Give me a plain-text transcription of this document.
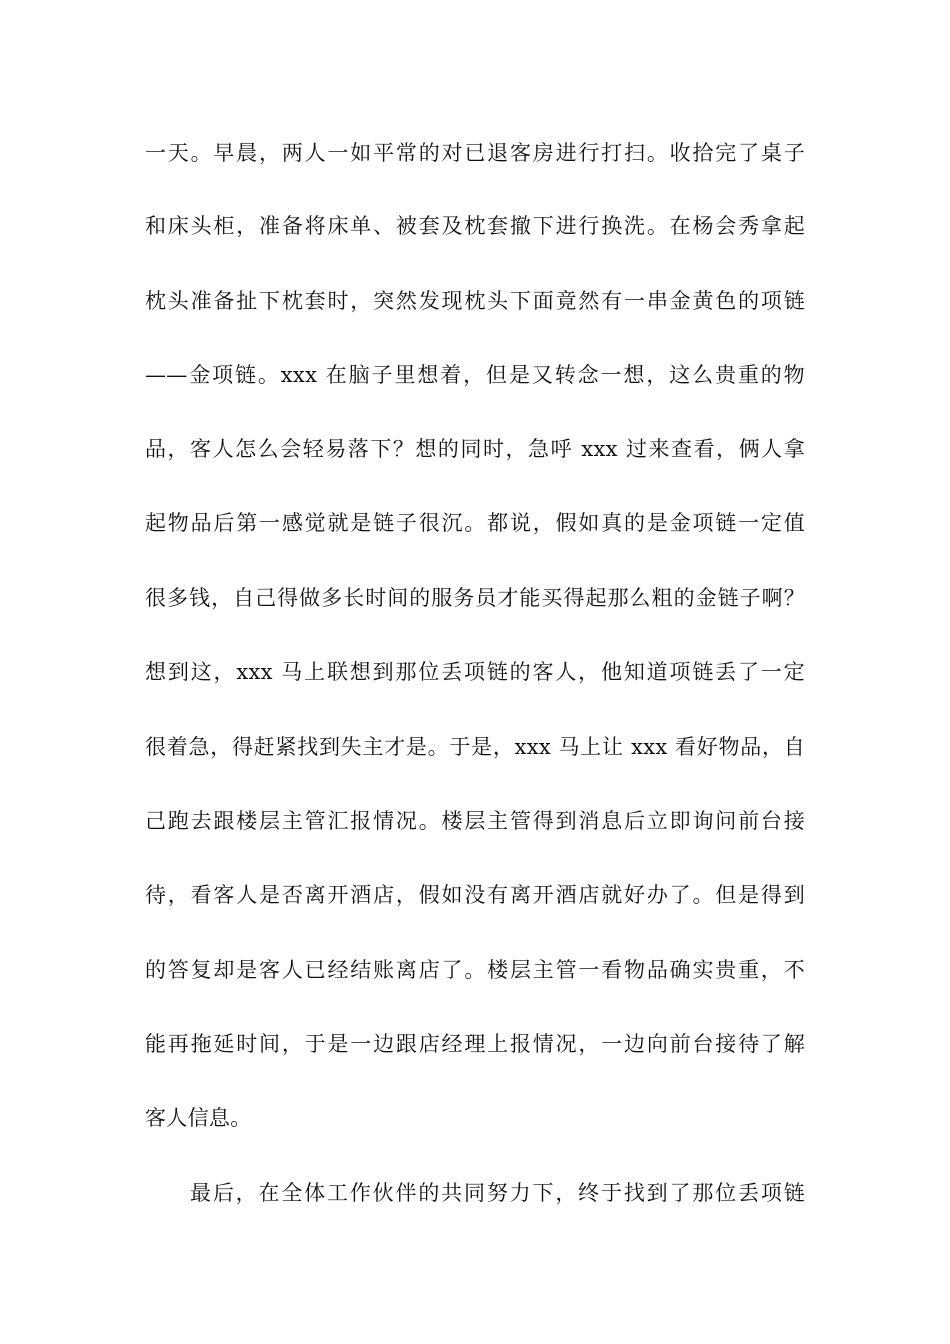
一天。早晨，两人一如平常的对已退客房进行打扫。收拾完了桌子
和床头柜，准备将床单、被套及枕套撤下进行换洗。在杨会秀拿起
枕头准备扯下枕套时，突然发现枕头下面竟然有一串金黄色的项链
——金项链。xxx 在脑子里想着，但是又转念一想，这么贵重的物
品，客人怎么会轻易落下？想的同时，急呼 xxx 过来查看，俩人拿
起物品后第一感觉就是链子很沉。都说，假如真的是金项链一定值
很多钱，自己得做多长时间的服务员才能买得起那么粗的金链子啊？
想到这，xxx 马上联想到那位丢项链的客人，他知道项链丢了一定
很着急，得赶紧找到失主才是。于是，xxx 马上让 xxx 看好物品，自
己跑去跟楼层主管汇报情况。楼层主管得到消息后立即询问前台接
待，看客人是否离开酒店，假如没有离开酒店就好办了。但是得到
的答复却是客人已经结账离店了。楼层主管一看物品确实贵重，不
能再拖延时间，于是一边跟店经理上报情况，一边向前台接待了解
客人信息。
最后，在全体工作伙伴的共同努力下，终于找到了那位丢项链
